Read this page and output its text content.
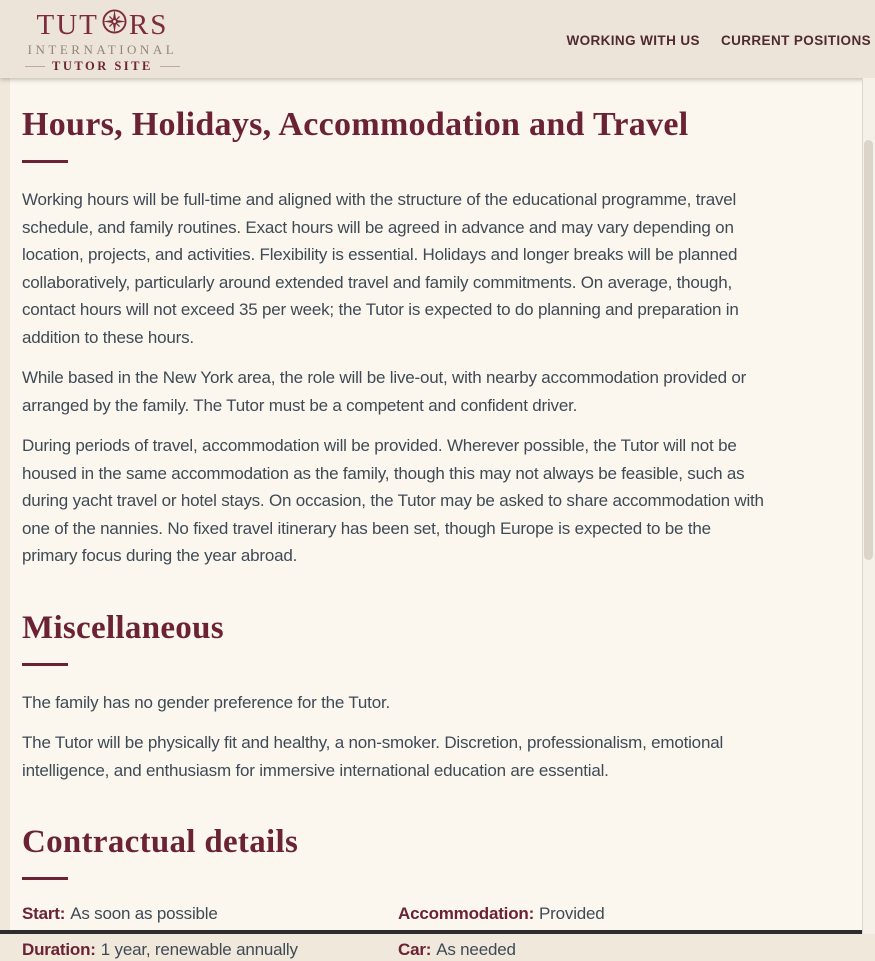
TUT RS
INTERNATIONAL
TUTOR SITE
WORKING WITH US CURRENT POSITIONS
Hours, Holidays, Accommodation and Travel

Working hours will be full-time and aligned with the structure of the educational programme, travel schedule, and family routines. Exact hours will be agreed in advance and may vary depending on location, projects, and activities. Flexibility is essential. Holidays and longer breaks will be planned collaboratively, particularly around extended travel and family commitments. On average, though, contact hours will not exceed 35 per week; the Tutor is expected to do planning and preparation in addition to these hours.

While based in the New York area, the role will be live-out, with nearby accommodation provided or arranged by the family. The Tutor must be a competent and confident driver.

During periods of travel, accommodation will be provided. Wherever possible, the Tutor will not be housed in the same accommodation as the family, though this may not always be feasible, such as during yacht travel or hotel stays. On occasion, the Tutor may be asked to share accommodation with one of the nannies. No fixed travel itinerary has been set, though Europe is expected to be the primary focus during the year abroad.

Miscellaneous

The family has no gender preference for the Tutor.

The Tutor will be physically fit and healthy, a non-smoker. Discretion, professionalism, emotional intelligence, and enthusiasm for immersive international education are essential.

Contractual details
Start: As soon as possible	Accommodation: Provided
Duration: 1 year, renewable annually	Car: As needed
